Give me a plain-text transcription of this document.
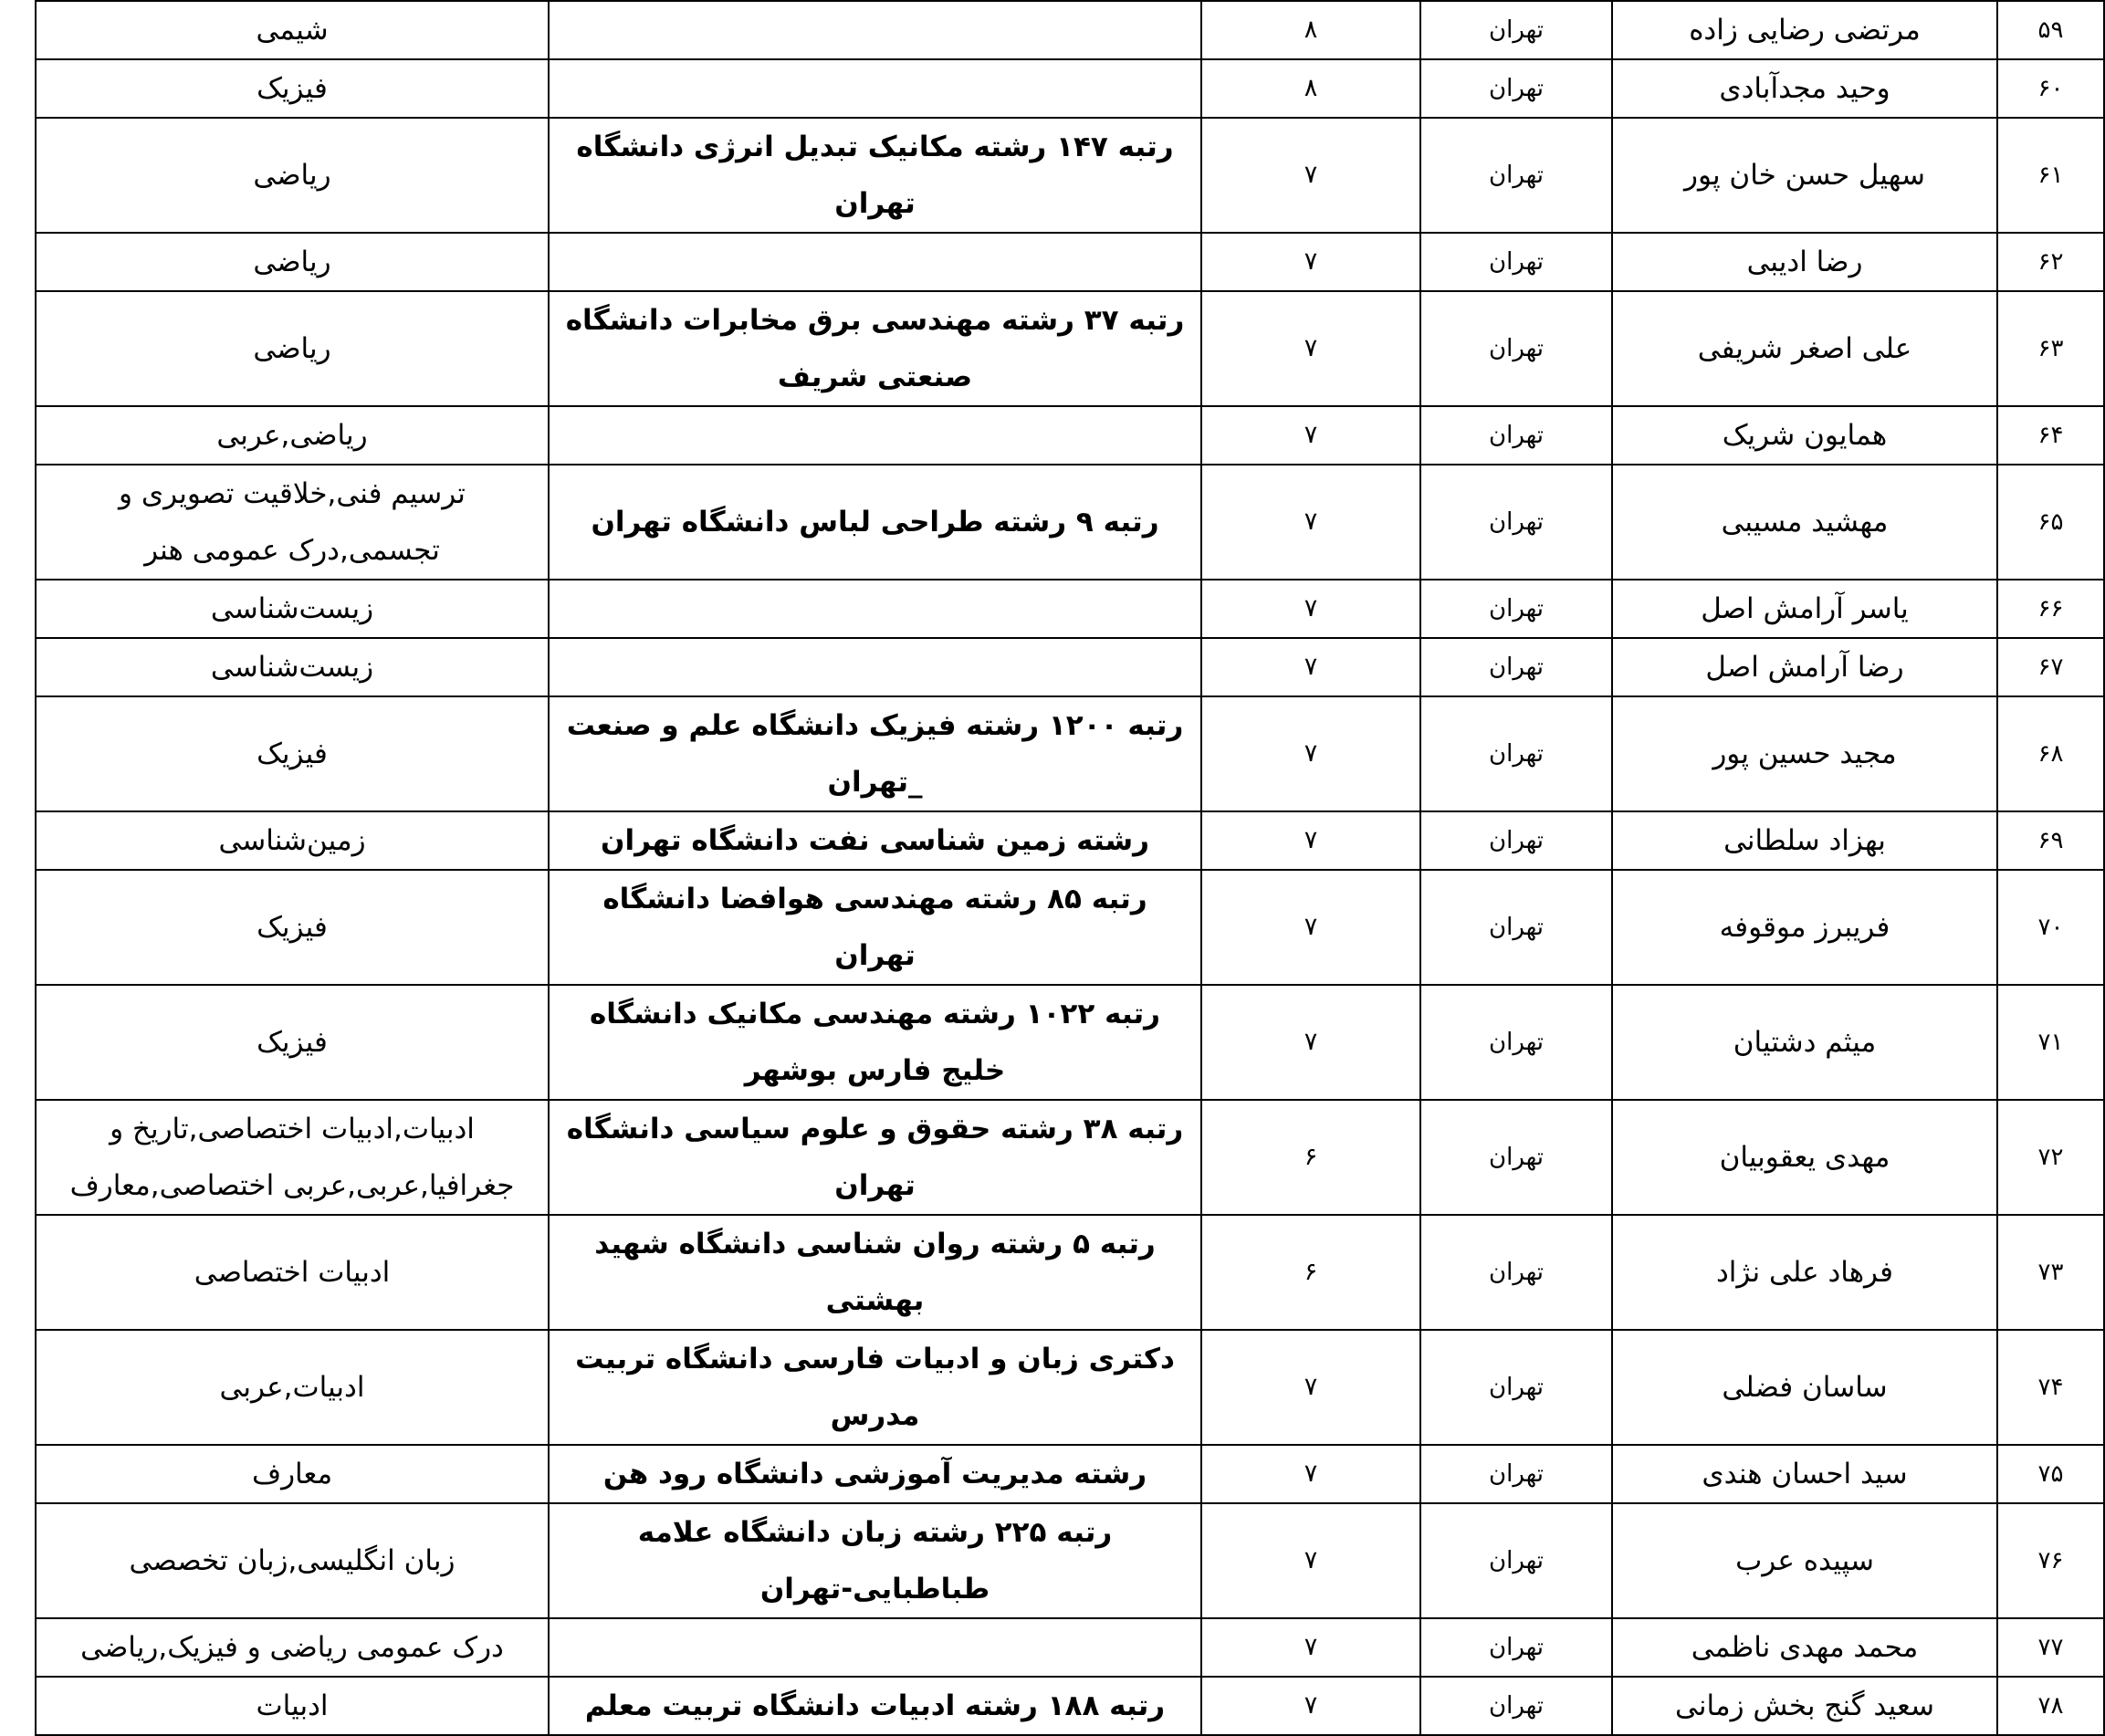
۵۹	مرتضی رضایی زاده	تهران	۸		شیمی
۶۰	وحید مجدآبادی	تهران	۸		فیزیک
۶۱	سهیل حسن خان پور	تهران	۷	رتبه ۱۴۷ رشته مکانیک تبدیل انرژی دانشگاه تهران	ریاضی
۶۲	رضا ادیبی	تهران	۷		ریاضی
۶۳	علی اصغر شریفی	تهران	۷	رتبه ۳۷ رشته مهندسی برق مخابرات دانشگاه صنعتی شریف	ریاضی
۶۴	همایون شریک	تهران	۷		ریاضی,عربی
۶۵	مهشید مسیبی	تهران	۷	رتبه ۹ رشته طراحی لباس دانشگاه تهران	ترسیم فنی,خلاقیت تصویری و تجسمی,درک عمومی هنر
۶۶	یاسر آرامش اصل	تهران	۷		زیست‌شناسی
۶۷	رضا آرامش اصل	تهران	۷		زیست‌شناسی
۶۸	مجید حسین پور	تهران	۷	رتبه ۱۲۰۰ رشته فیزیک دانشگاه علم و صنعت _تهران	فیزیک
۶۹	بهزاد سلطانی	تهران	۷	رشته زمین شناسی نفت دانشگاه تهران	زمین‌شناسی
۷۰	فریبرز موقوفه	تهران	۷	رتبه ۸۵ رشته مهندسی هوافضا دانشگاه تهران	فیزیک
۷۱	میثم دشتیان	تهران	۷	رتبه ۱۰۲۲ رشته مهندسی مکانیک دانشگاه خلیج فارس بوشهر	فیزیک
۷۲	مهدی یعقوبیان	تهران	۶	رتبه ۳۸ رشته حقوق و علوم سیاسی دانشگاه تهران	ادبیات,ادبیات اختصاصی,تاریخ و جغرافیا,عربی,عربی اختصاصی,معارف
۷۳	فرهاد علی نژاد	تهران	۶	رتبه ۵ رشته روان شناسی دانشگاه شهید بهشتی	ادبیات اختصاصی
۷۴	ساسان فضلی	تهران	۷	دکتری زبان و ادبیات فارسی دانشگاه تربیت مدرس	ادبیات,عربی
۷۵	سید احسان هندی	تهران	۷	رشته مدیریت آموزشی دانشگاه رود هن	معارف
۷۶	سپیده عرب	تهران	۷	رتبه ۲۲۵ رشته زبان دانشگاه علامه طباطبایی-تهران	زبان انگلیسی,زبان تخصصی
۷۷	محمد مهدی ناظمی	تهران	۷		درک عمومی ریاضی و فیزیک,ریاضی
۷۸	سعید گنج بخش زمانی	تهران	۷	رتبه ۱۸۸ رشته ادبیات دانشگاه تربیت معلم	ادبیات
